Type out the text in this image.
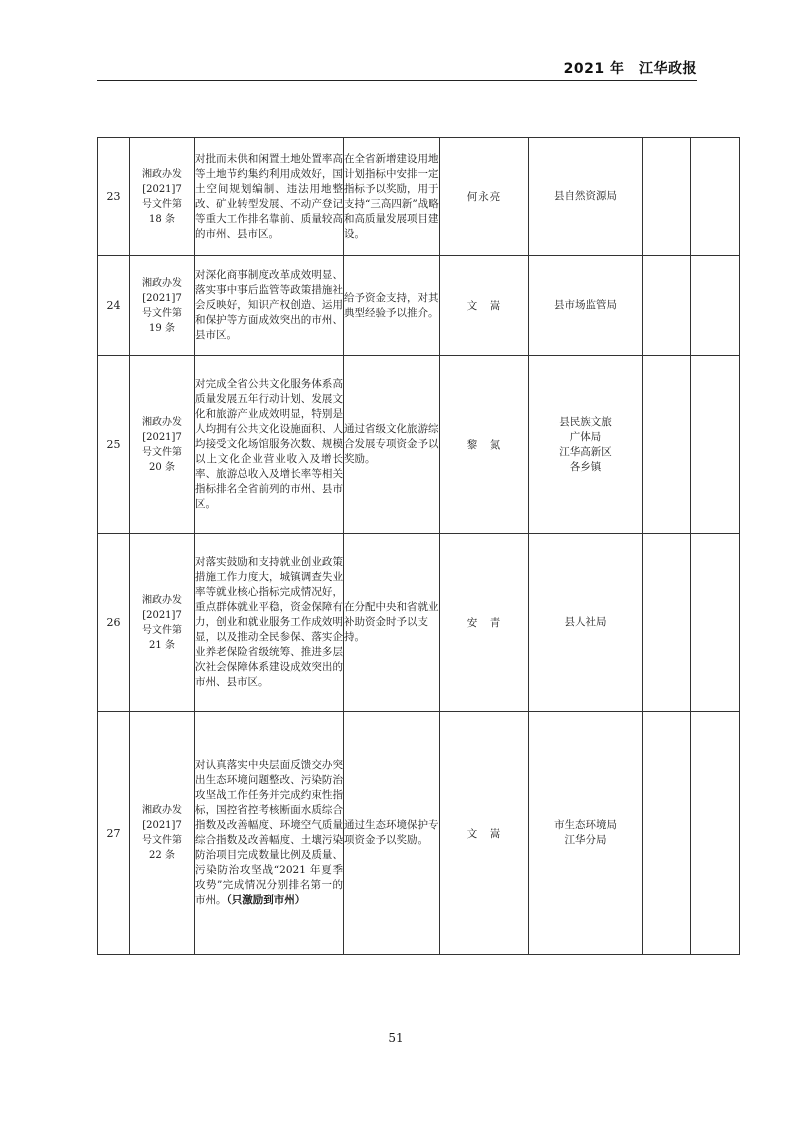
2021 年　江华政报
23	湘政办发
[2021]7
号文件第
18 条	对批而未供和闲置土地处置率高等土地节约集约利用成效好，国土空间规划编制、违法用地整改、矿业转型发展、不动产登记等重大工作排名靠前、质量较高的市州、县市区。	在全省新增建设用地计划指标中安排一定指标予以奖励，用于支持“三高四新”战略和高质量发展项目建设。	何永亮	县自然资源局		
24	湘政办发
[2021]7
号文件第
19 条	对深化商事制度改革成效明显、落实事中事后监管等政策措施社会反映好，知识产权创造、运用和保护等方面成效突出的市州、县市区。	给予资金支持，对其典型经验予以推介。	文　嵩	县市场监管局		
25	湘政办发
[2021]7
号文件第
20 条	对完成全省公共文化服务体系高质量发展五年行动计划、发展文化和旅游产业成效明显，特别是人均拥有公共文化设施面积、人均接受文化场馆服务次数、规模以上文化企业营业收入及增长率、旅游总收入及增长率等相关指标排名全省前列的市州、县市区。	通过省级文化旅游综合发展专项资金予以奖励。	黎　氮	县民族文旅
广体局
江华高新区
各乡镇		
26	湘政办发
[2021]7
号文件第
21 条	对落实鼓励和支持就业创业政策措施工作力度大，城镇调查失业率等就业核心指标完成情况好，重点群体就业平稳，资金保障有力，创业和就业服务工作成效明显，以及推动全民参保、落实企业养老保险省级统筹、推进多层次社会保障体系建设成效突出的市州、县市区。	在分配中央和省就业补助资金时予以支持。	安　青	县人社局		
27	湘政办发
[2021]7
号文件第
22 条	对认真落实中央层面反馈交办突出生态环境问题整改、污染防治攻坚战工作任务并完成约束性指标，国控省控考核断面水质综合指数及改善幅度、环境空气质量综合指数及改善幅度、土壤污染防治项目完成数量比例及质量、污染防治攻坚战“2021 年夏季攻势”完成情况分别排名第一的市州。（只激励到市州）	通过生态环境保护专项资金予以奖励。	文　嵩	市生态环境局
江华分局		
51
